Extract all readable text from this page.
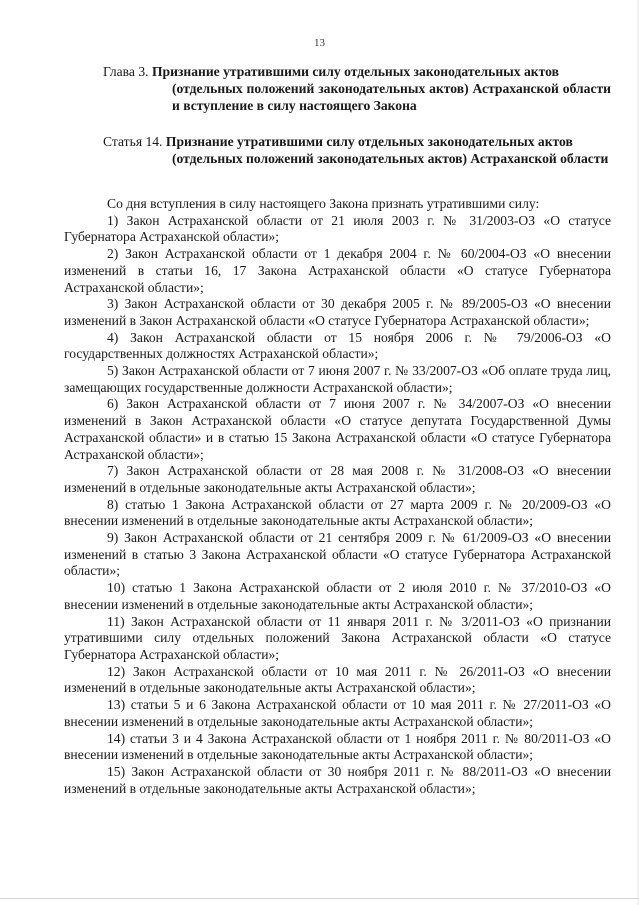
13
Глава 3. Признание утратившими силу отдельных законодательных актов
(отдельных положений законодательных актов) Астраханской области и вступление в силу настоящего Закона
Статья 14. Признание утратившими силу отдельных законодательных актов
(отдельных положений законодательных актов) Астраханской области

Со дня вступления в силу настоящего Закона признать утратившими силу:

1) Закон Астраханской области от 21 июля 2003 г. № 31/2003-ОЗ «О статусе Губернатора Астраханской области»;

2) Закон Астраханской области от 1 декабря 2004 г. № 60/2004-ОЗ «О внесении изменений в статьи 16, 17 Закона Астраханской области «О статусе Губернатора Астраханской области»;

3) Закон Астраханской области от 30 декабря 2005 г. № 89/2005-ОЗ «О внесении изменений в Закон Астраханской области «О статусе Губернатора Астраханской области»;

4) Закон Астраханской области от 15 ноября 2006 г. № 79/2006-ОЗ «О государственных должностях Астраханской области»;

5) Закон Астраханской области от 7 июня 2007 г. № 33/2007-ОЗ «Об оплате труда лиц, замещающих государственные должности Астраханской области»;

6) Закон Астраханской области от 7 июня 2007 г. № 34/2007-ОЗ «О внесении изменений в Закон Астраханской области «О статусе депутата Государственной Думы Астраханской области» и в статью 15 Закона Астраханской области «О статусе Губернатора Астраханской области»;

7) Закон Астраханской области от 28 мая 2008 г. № 31/2008-ОЗ «О внесении изменений в отдельные законодательные акты Астраханской области»;

8) статью 1 Закона Астраханской области от 27 марта 2009 г. № 20/2009-ОЗ «О внесении изменений в отдельные законодательные акты Астраханской области»;

9) Закон Астраханской области от 21 сентября 2009 г. № 61/2009-ОЗ «О внесении изменений в статью 3 Закона Астраханской области «О статусе Губернатора Астраханской области»;

10) статью 1 Закона Астраханской области от 2 июля 2010 г. № 37/2010-ОЗ «О внесении изменений в отдельные законодательные акты Астраханской области»;

11) Закон Астраханской области от 11 января 2011 г. № 3/2011-ОЗ «О признании утратившими силу отдельных положений Закона Астраханской области «О статусе Губернатора Астраханской области»;

12) Закон Астраханской области от 10 мая 2011 г. № 26/2011-ОЗ «О внесении изменений в отдельные законодательные акты Астраханской области»;

13) статьи 5 и 6 Закона Астраханской области от 10 мая 2011 г. № 27/2011-ОЗ «О внесении изменений в отдельные законодательные акты Астраханской области»;

14) статьи 3 и 4 Закона Астраханской области от 1 ноября 2011 г. № 80/2011-ОЗ «О внесении изменений в отдельные законодательные акты Астраханской области»;

15) Закон Астраханской области от 30 ноября 2011 г. № 88/2011-ОЗ «О внесении изменений в отдельные законодательные акты Астраханской области»;
